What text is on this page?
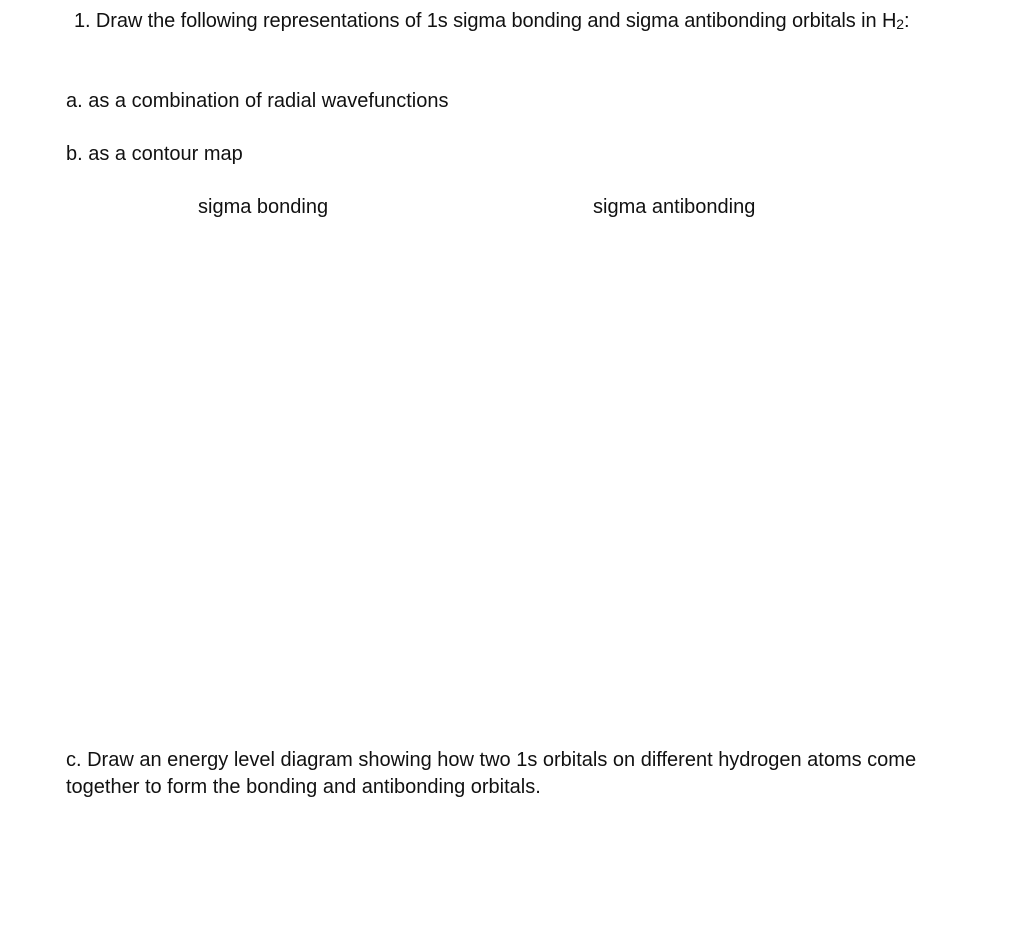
1. Draw the following representations of 1s sigma bonding and sigma antibonding orbitals in $H_2$:
a. as a combination of radial wavefunctions
b. as a contour map
sigma bonding	sigma antibonding
c. Draw an energy level diagram showing how two 1s orbitals on different hydrogen atoms come together to form the bonding and antibonding orbitals.
